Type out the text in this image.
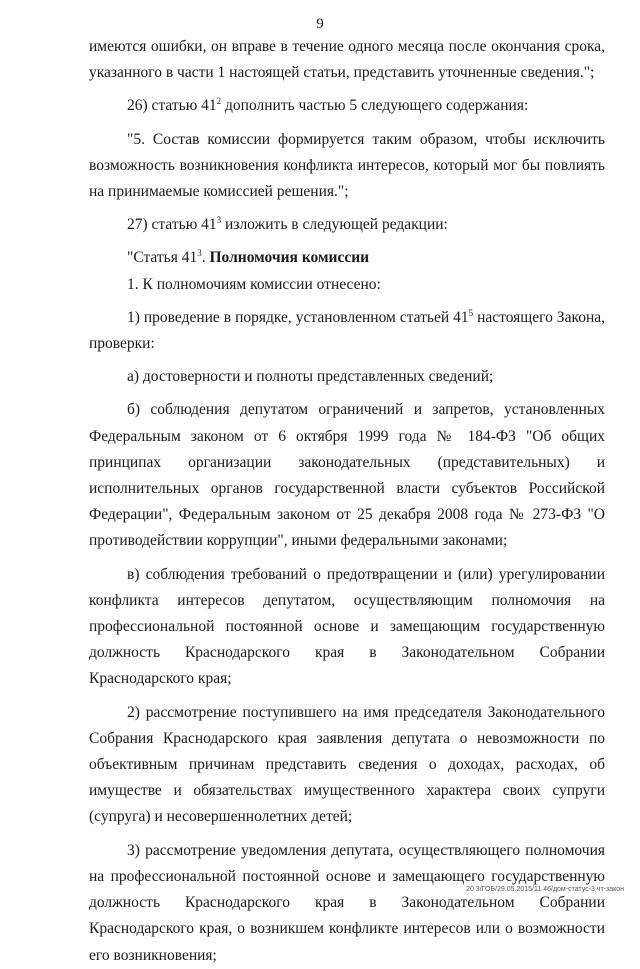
9

имеются ошибки, он вправе в течение одного месяца после окончания срока, указанного в части 1 настоящей статьи, представить уточненные сведения.";

26) статью $41^2$ дополнить частью 5 следующего содержания:

"5. Состав комиссии формируется таким образом, чтобы исключить возможность возникновения конфликта интересов, который мог бы повлиять на принимаемые комиссией решения.";

27) статью $41^3$ изложить в следующей редакции:

"Статья $41^3$. Полномочия комиссии

1. К полномочиям комиссии отнесено:

1) проведение в порядке, установленном статьей $41^5$ настоящего Закона, проверки:

а) достоверности и полноты представленных сведений;

б) соблюдения депутатом ограничений и запретов, установленных Федеральным законом от 6 октября 1999 года № 184-ФЗ "Об общих принципах организации законодательных (представительных) и исполнительных органов государственной власти субъектов Российской Федерации", Федеральным законом от 25 декабря 2008 года № 273-ФЗ "О противодействии коррупции", иными федеральными законами;

в) соблюдения требований о предотвращении и (или) урегулировании конфликта интересов депутатом, осуществляющим полномочия на профессиональной постоянной основе и замещающим государственную должность Краснодарского края в Законодательном Собрании Краснодарского края;

2) рассмотрение поступившего на имя председателя Законодательного Собрания Краснодарского края заявления депутата о невозможности по объективным причинам представить сведения о доходах, расходах, об имуществе и обязательствах имущественного характера своих супруги (супруга) и несовершеннолетних детей;

3) рассмотрение уведомления депутата, осуществляющего полномочия на профессиональной постоянной основе и замещающего государственную должность Краснодарского края в Законодательном Собрании Краснодарского края, о возникшем конфликте интересов или о возможности его возникновения;

20 3/ГОБ/29.05.2015/11.46/дом-статус-3 чт-закон
